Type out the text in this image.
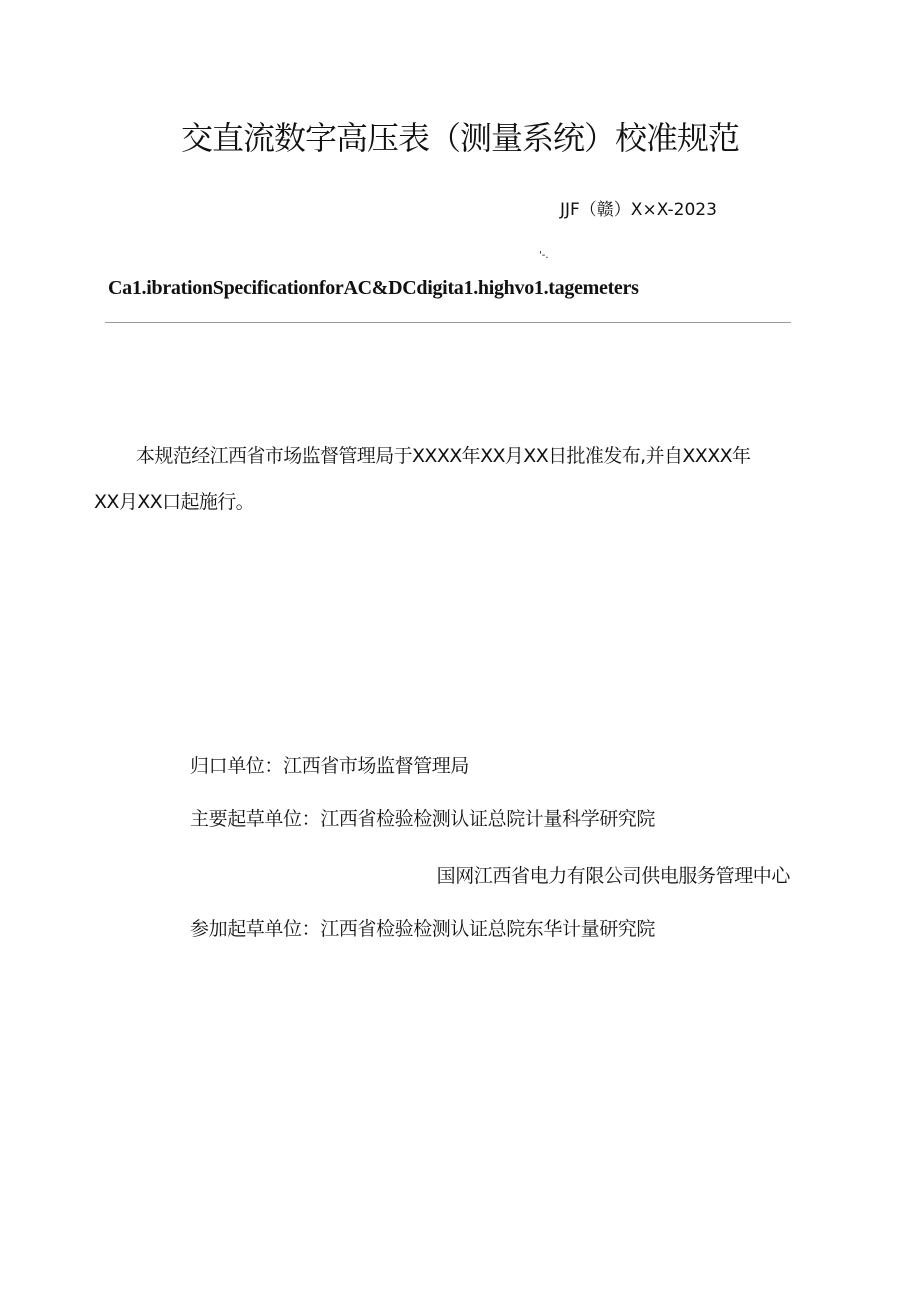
交直流数字高压表（测量系统）校准规范
JJF（赣）X×X-2023
'-.
Ca1.ibrationSpecificationforAC&DCdigita1.highvo1.tagemeters
本规范经江西省市场监督管理局于XXXX年XX月XX日批准发布,并自XXXX年
XX月XX口起施行。
归口单位：江西省市场监督管理局
主要起草单位：江西省检验检测认证总院计量科学研究院
国网江西省电力有限公司供电服务管理中心
参加起草单位：江西省检验检测认证总院东华计量研究院
